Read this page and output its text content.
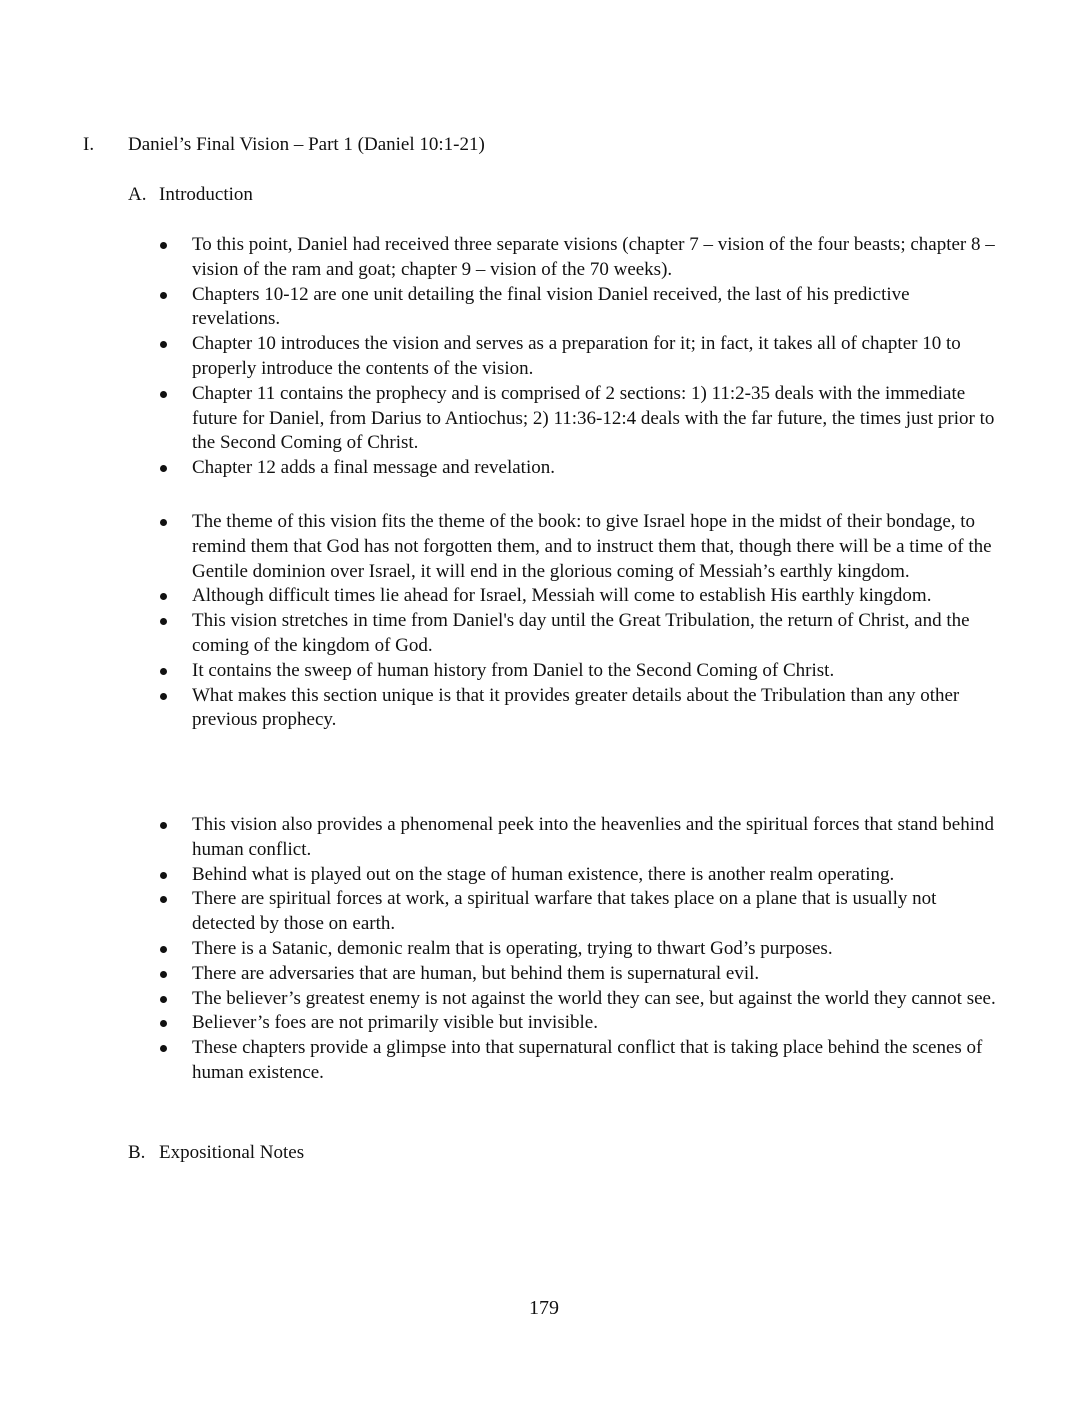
I. Daniel’s Final Vision – Part 1 (Daniel 10:1-21)
A. Introduction
To this point, Daniel had received three separate visions (chapter 7 – vision of the four beasts; chapter 8 – vision of the ram and goat; chapter 9 – vision of the 70 weeks).
Chapters 10-12 are one unit detailing the final vision Daniel received, the last of his predictive revelations.
Chapter 10 introduces the vision and serves as a preparation for it; in fact, it takes all of chapter 10 to properly introduce the contents of the vision.
Chapter 11 contains the prophecy and is comprised of 2 sections: 1) 11:2-35 deals with the immediate future for Daniel, from Darius to Antiochus; 2) 11:36-12:4 deals with the far future, the times just prior to the Second Coming of Christ.
Chapter 12 adds a final message and revelation.
The theme of this vision fits the theme of the book: to give Israel hope in the midst of their bondage, to remind them that God has not forgotten them, and to instruct them that, though there will be a time of the Gentile dominion over Israel, it will end in the glorious coming of Messiah’s earthly kingdom.
Although difficult times lie ahead for Israel, Messiah will come to establish His earthly kingdom.
This vision stretches in time from Daniel's day until the Great Tribulation, the return of Christ, and the coming of the kingdom of God.
It contains the sweep of human history from Daniel to the Second Coming of Christ.
What makes this section unique is that it provides greater details about the Tribulation than any other previous prophecy.
This vision also provides a phenomenal peek into the heavenlies and the spiritual forces that stand behind human conflict.
Behind what is played out on the stage of human existence, there is another realm operating.
There are spiritual forces at work, a spiritual warfare that takes place on a plane that is usually not detected by those on earth.
There is a Satanic, demonic realm that is operating, trying to thwart God’s purposes.
There are adversaries that are human, but behind them is supernatural evil.
The believer’s greatest enemy is not against the world they can see, but against the world they cannot see.
Believer’s foes are not primarily visible but invisible.
These chapters provide a glimpse into that supernatural conflict that is taking place behind the scenes of human existence.
B. Expositional Notes
179
